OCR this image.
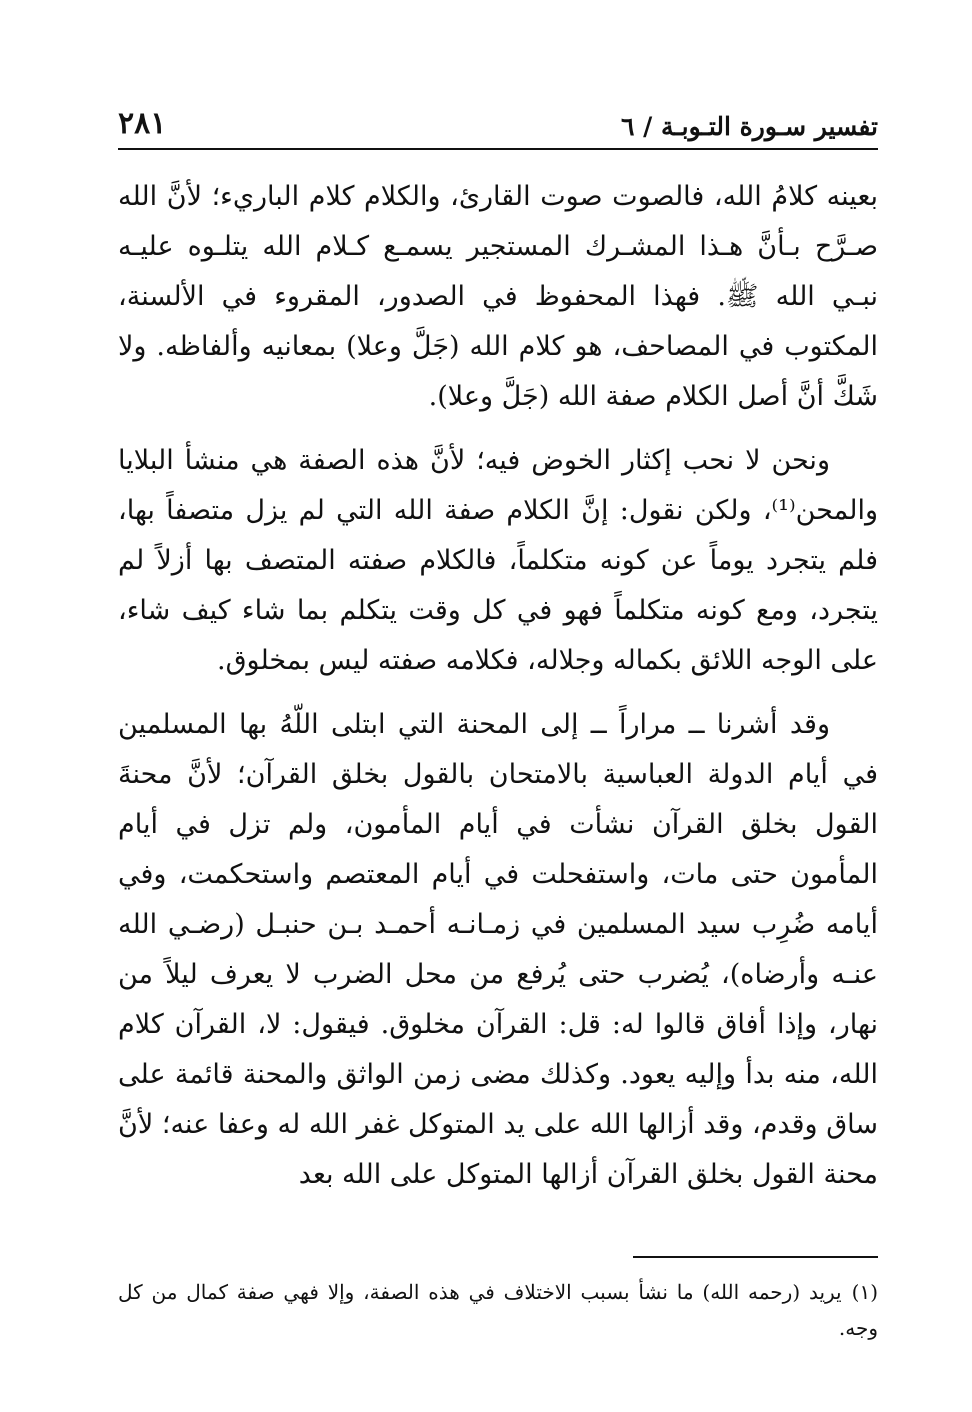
تفسير سـورة التـوبـة / ٦
٢٨١

بعينه كلامُ الله، فالصوت صوت القارئ، والكلام كلام الباريء؛ لأنَّ الله صـرَّح بـأنَّ هـذا المشـرك المستجير يسمـع كـلام الله يتلـوه عليـه نبـي الله ﷺ. فهذا المحفوظ في الصدور، المقروء في الألسنة، المكتوب في المصاحف، هو كلام الله (جَلَّ وعلا) بمعانيه وألفاظه. ولا شَكَّ أنَّ أصل الكلام صفة الله (جَلَّ وعلا).

ونحن لا نحب إكثار الخوض فيه؛ لأنَّ هذه الصفة هي منشأ البلايا والمحن⁽¹⁾، ولكن نقول: إنَّ الكلام صفة الله التي لم يزل متصفاً بها، فلم يتجرد يوماً عن كونه متكلماً، فالكلام صفته المتصف بها أزلاً لم يتجرد، ومع كونه متكلماً فهو في كل وقت يتكلم بما شاء كيف شاء، على الوجه اللائق بكماله وجلاله، فكلامه صفته ليس بمخلوق.

وقد أشرنا ــ مراراً ــ إلى المحنة التي ابتلى اللّهُ بها المسلمين في أيام الدولة العباسية بالامتحان بالقول بخلق القرآن؛ لأنَّ محنةَ القول بخلق القرآن نشأت في أيام المأمون، ولم تزل في أيام المأمون حتى مات، واستفحلت في أيام المعتصم واستحكمت، وفي أيامه ضُرِب سيد المسلمين في زمـانـه أحمـد بـن حنبـل (رضـي الله عنـه وأرضاه)، يُضرب حتى يُرفع من محل الضرب لا يعرف ليلاً من نهار، وإذا أفاق قالوا له: قل: القرآن مخلوق. فيقول: لا، القرآن كلام الله، منه بدأ وإليه يعود. وكذلك مضى زمن الواثق والمحنة قائمة على ساق وقدم، وقد أزالها الله على يد المتوكل غفر الله له وعفا عنه؛ لأنَّ محنة القول بخلق القرآن أزالها المتوكل على الله بعد

(١)يريد (رحمه الله) ما نشأ بسبب الاختلاف في هذه الصفة، وإلا فهي صفة كمال من كل وجه.
